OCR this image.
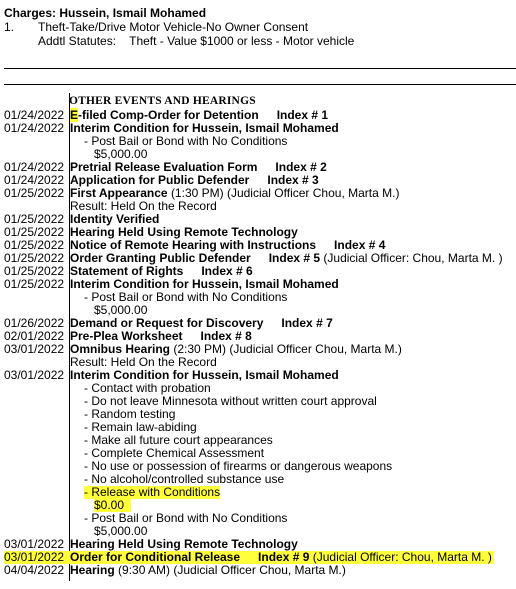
Charges: Hussein, Ismail Mohamed
1.	Theft-Take/Drive Motor Vehicle-No Owner Consent
Addtl Statutes: Theft - Value $1000 or less - Motor vehicle
OTHER EVENTS AND HEARINGS
01/24/2022 E-filed Comp-Order for Detention Index # 1
01/24/2022 Interim Condition for Hussein, Ismail Mohamed
- Post Bail or Bond with No Conditions
$5,000.00
01/24/2022 Pretrial Release Evaluation Form Index # 2
01/24/2022 Application for Public Defender Index # 3
01/25/2022 First Appearance (1:30 PM) (Judicial Officer Chou, Marta M.)
Result: Held On the Record
01/25/2022 Identity Verified
01/25/2022 Hearing Held Using Remote Technology
01/25/2022 Notice of Remote Hearing with Instructions Index # 4
01/25/2022 Order Granting Public Defender Index # 5 (Judicial Officer: Chou, Marta M. )
01/25/2022 Statement of Rights Index # 6
01/25/2022 Interim Condition for Hussein, Ismail Mohamed
- Post Bail or Bond with No Conditions
$5,000.00
01/26/2022 Demand or Request for Discovery Index # 7
02/01/2022 Pre-Plea Worksheet Index # 8
03/01/2022 Omnibus Hearing (2:30 PM) (Judicial Officer Chou, Marta M.)
Result: Held On the Record
03/01/2022 Interim Condition for Hussein, Ismail Mohamed
- Contact with probation
- Do not leave Minnesota without written court approval
- Random testing
- Remain law-abiding
- Make all future court appearances
- Complete Chemical Assessment
- No use or possession of firearms or dangerous weapons
- No alcohol/controlled substance use
- Release with Conditions
$0.00
- Post Bail or Bond with No Conditions
$5,000.00
03/01/2022 Hearing Held Using Remote Technology
03/01/2022 Order for Conditional Release Index # 9 (Judicial Officer: Chou, Marta M. )
04/04/2022 Hearing (9:30 AM) (Judicial Officer Chou, Marta M.)
